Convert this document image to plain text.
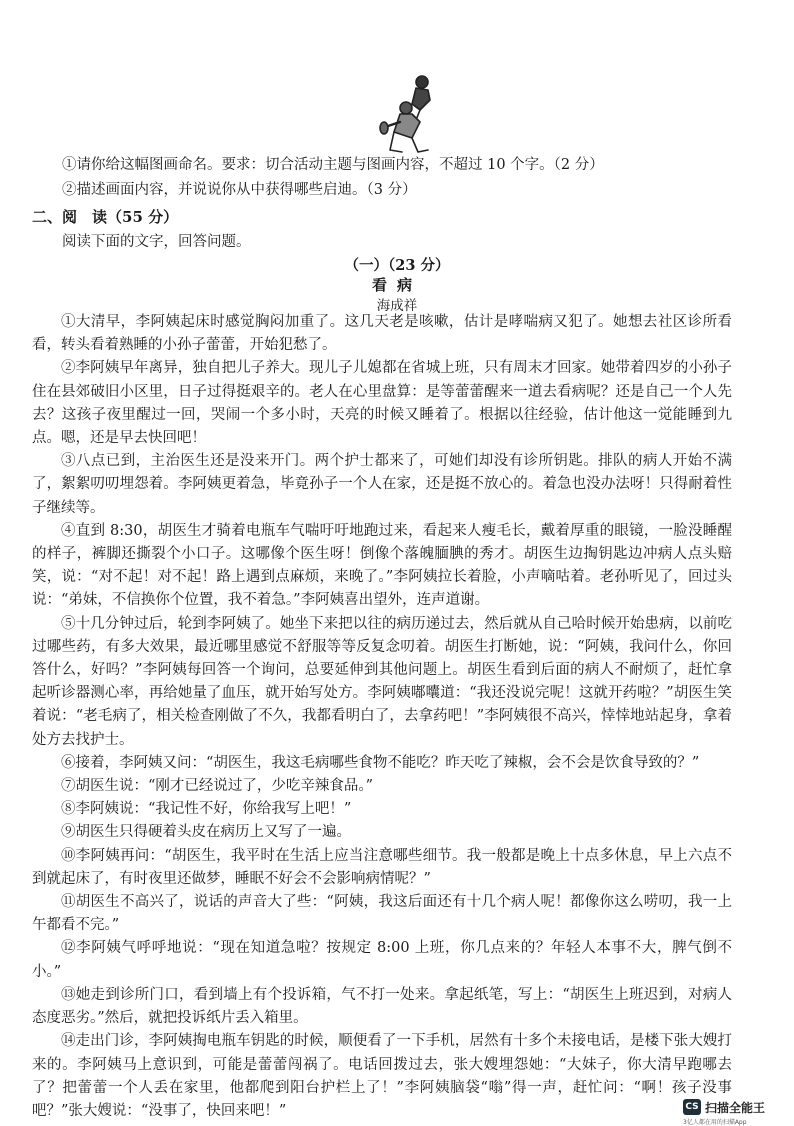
①请你给这幅图画命名。要求：切合活动主题与图画内容，不超过 10 个字。（2 分）
②描述画面内容，并说说你从中获得哪些启迪。（3 分）
二、阅　读（55 分）
阅读下面的文字，回答问题。
（一）（23 分）
看病
海成祥

①大清早，李阿姨起床时感觉胸闷加重了。这几天老是咳嗽，估计是哮喘病又犯了。她想去社区诊所看看，转头看着熟睡的小孙子蕾蕾，开始犯愁了。

②李阿姨早年离异，独自把儿子养大。现儿子儿媳都在省城上班，只有周末才回家。她带着四岁的小孙子住在县郊破旧小区里，日子过得挺艰辛的。老人在心里盘算：是等蕾蕾醒来一道去看病呢？还是自己一个人先去？这孩子夜里醒过一回，哭闹一个多小时，天亮的时候又睡着了。根据以往经验，估计他这一觉能睡到九点。嗯，还是早去快回吧！

③八点已到，主治医生还是没来开门。两个护士都来了，可她们却没有诊所钥匙。排队的病人开始不满了，絮絮叨叨埋怨着。李阿姨更着急，毕竟孙子一个人在家，还是挺不放心的。着急也没办法呀！只得耐着性子继续等。

④直到 8:30，胡医生才骑着电瓶车气喘吁吁地跑过来，看起来人瘦毛长，戴着厚重的眼镜，一脸没睡醒的样子，裤脚还撕裂个小口子。这哪像个医生呀！倒像个落魄腼腆的秀才。胡医生边掏钥匙边冲病人点头赔笑，说：“对不起！对不起！路上遇到点麻烦，来晚了。”李阿姨拉长着脸，小声嘀咕着。老孙听见了，回过头说：“弟妹，不信换你个位置，我不着急。”李阿姨喜出望外，连声道谢。

⑤十几分钟过后，轮到李阿姨了。她坐下来把以往的病历递过去，然后就从自己哈时候开始患病，以前吃过哪些药，有多大效果，最近哪里感觉不舒服等等反复念叨着。胡医生打断她，说：“阿姨，我问什么，你回答什么，好吗？”李阿姨每回答一个询问，总要延伸到其他问题上。胡医生看到后面的病人不耐烦了，赶忙拿起听诊器测心率，再给她量了血压，就开始写处方。李阿姨嘟囔道：“我还没说完呢！这就开药啦？”胡医生笑着说：“老毛病了，相关检查刚做了不久，我都看明白了，去拿药吧！”李阿姨很不高兴，悻悻地站起身，拿着处方去找护士。

⑥接着，李阿姨又问：“胡医生，我这毛病哪些食物不能吃？昨天吃了辣椒，会不会是饮食导致的？”

⑦胡医生说：“刚才已经说过了，少吃辛辣食品。”

⑧李阿姨说：“我记性不好，你给我写上吧！”

⑨胡医生只得硬着头皮在病历上又写了一遍。

⑩李阿姨再问：“胡医生，我平时在生活上应当注意哪些细节。我一般都是晚上十点多休息，早上六点不到就起床了，有时夜里还做梦，睡眠不好会不会影响病情呢？”

⑪胡医生不高兴了，说话的声音大了些：“阿姨，我这后面还有十几个病人呢！都像你这么唠叨，我一上午都看不完。”

⑫李阿姨气呼呼地说：“现在知道急啦？按规定 8:00 上班，你几点来的？年轻人本事不大，脾气倒不小。”

⑬她走到诊所门口，看到墙上有个投诉箱，气不打一处来。拿起纸笔，写上：“胡医生上班迟到，对病人态度恶劣。”然后，就把投诉纸片丢入箱里。

⑭走出门诊，李阿姨掏电瓶车钥匙的时候，顺便看了一下手机，居然有十多个未接电话，是楼下张大嫂打来的。李阿姨马上意识到，可能是蕾蕾闯祸了。电话回拨过去，张大嫂埋怨她：“大妹子，你大清早跑哪去了？把蕾蕾一个人丢在家里，他都爬到阳台护栏上了！”李阿姨脑袋“嗡”得一声，赶忙问：“啊！孩子没事吧？”张大嫂说：“没事了，快回来吧！”	CS 扫描全能王
3亿人都在用的扫描App
